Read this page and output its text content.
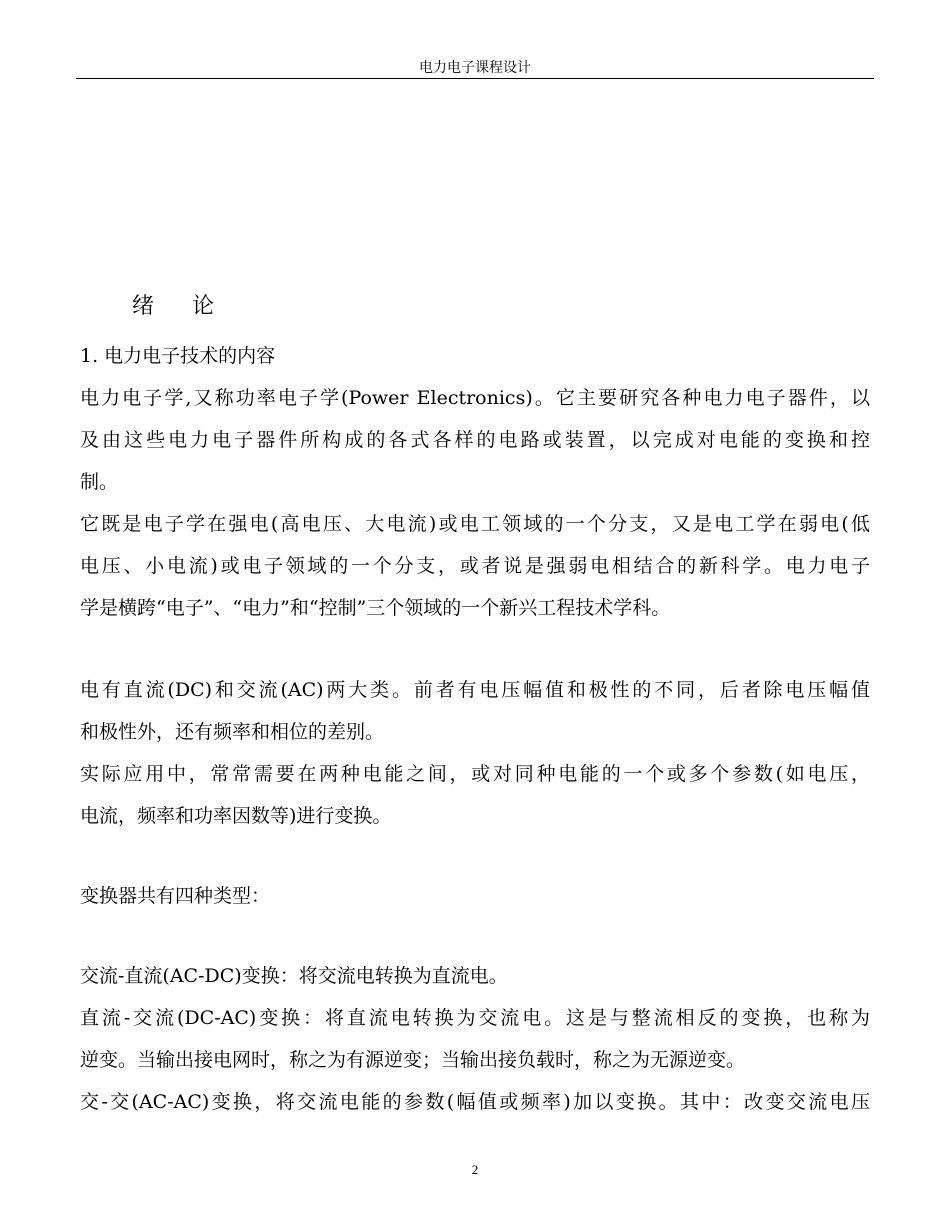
电力电子课程设计
绪    论
1. 电力电子技术的内容
电力电子学,又称功率电子学(Power Electronics)。它主要研究各种电力电子器件，以
及由这些电力电子器件所构成的各式各样的电路或装置，以完成对电能的变换和控
制。
它既是电子学在强电(高电压、大电流)或电工领域的一个分支，又是电工学在弱电(低
电压、小电流)或电子领域的一个分支，或者说是强弱电相结合的新科学。电力电子
学是横跨“电子”、“电力”和“控制”三个领域的一个新兴工程技术学科。
电有直流(DC)和交流(AC)两大类。前者有电压幅值和极性的不同，后者除电压幅值
和极性外，还有频率和相位的差别。
实际应用中，常常需要在两种电能之间，或对同种电能的一个或多个参数(如电压，
电流，频率和功率因数等)进行变换。
变换器共有四种类型：
交流-直流(AC-DC)变换：将交流电转换为直流电。
直流-交流(DC-AC)变换：将直流电转换为交流电。这是与整流相反的变换，也称为
逆变。当输出接电网时，称之为有源逆变；当输出接负载时，称之为无源逆变。
交-交(AC-AC)变换，将交流电能的参数(幅值或频率)加以变换。其中：改变交流电压
2
